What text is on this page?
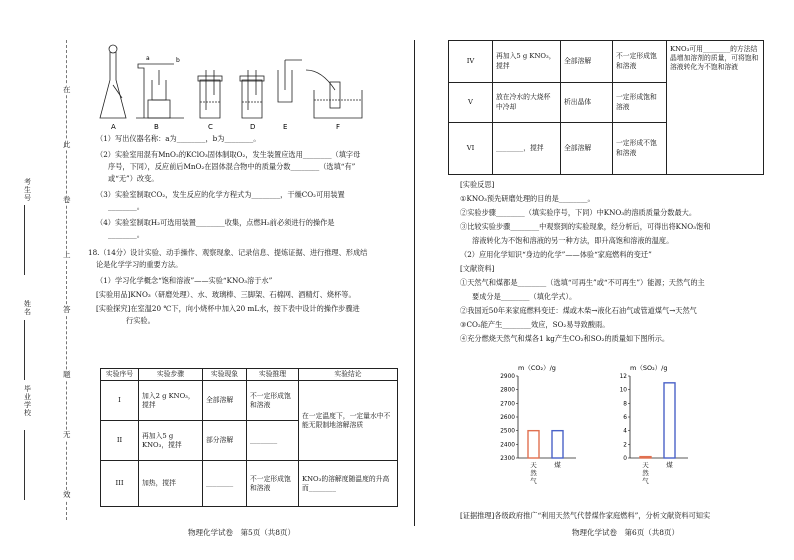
考生号
姓名
毕业学校
在
此
卷
上
答
题
无
效
A	B	C	D	E	F
a	b
（1）写出仪器名称：a为________，b为________。
（2）实验室用混有MnO₂的KClO₃固体制取O₂，发生装置应选用________（填字母
序号，下同），反应前后MnO₂在固体混合物中的质量分数________（选填“有”
或“无”）改变。
（3）实验室制取CO₂，发生反应的化学方程式为________，干燥CO₂可用装置
________。
（4）实验室制取H₂可选用装置________收集，点燃H₂前必须进行的操作是
________。
18.（14分）设计实验、动手操作、观察现象、记录信息、提炼证据、进行推理、形成结
论是化学学习的重要方法。
（1）学习化学概念“饱和溶液”——实验“KNO₃溶于水”
[实验用品]KNO₃（研磨处理）、水、玻璃棒、三脚架、石棉网、酒精灯、烧杯等。
[实验探究]在室温20 ℃下，向小烧杯中加入20 mL水，按下表中设计的操作步骤进
行实验。
实验序号	实验步骤	实验现象	实验推理	实验结论
I	加入2 g KNO₃，搅拌	全部溶解	不一定形成饱和溶液	在一定温度下，一定量水中不能无限制地溶解溶质
II	再加入5 g KNO₃，搅拌	部分溶解	________	
III	加热，搅拌	________	不一定形成饱和溶液	KNO₃的溶解度随温度的升高而________
物理化学试卷　第5页（共8页）
IV	再加入5 g KNO₃，搅拌	全部溶解	不一定形成饱和溶液	KNO₃可用________的方法结晶增加溶剂的质量，可将饱和溶液转化为不饱和溶液
V	放在冷水的大烧杯中冷却	析出晶体	一定形成饱和溶液	
VI	________，搅拌	全部溶解	一定形成不饱和溶液	
[实验反思]
①KNO₃预先研磨处理的目的是________。
②实验步骤________（填实验序号，下同）中KNO₃的溶质质量分数最大。
③比较实验步骤________中观察到的实验现象，经分析后，可得出将KNO₃饱和
溶液转化为不饱和溶液的另一种方法，即升高饱和溶液的温度。
（2）应用化学知识“身边的化学”——体验“家庭燃料的变迁”
[文献资料]
①天然气和煤都是________（选填“可再生”或“不可再生”）能源；天然气的主
要成分是________（填化学式）。
②我国近50年来家庭燃料变迁：煤或木柴→液化石油气或管道煤气→天然气
③CO₂能产生________效应，SO₂易导致酸雨。
④充分燃烧天然气和煤各1 kg产生CO₂和SO₂的质量如下图所示。
m（CO₂）/g
2300
2400
2500
2600
2700
2800
2900
天然气
煤
m（SO₂）/g
0
2
4
6
8
10
12
天然气
煤
[证据推理]各级政府推广“利用天然气代替煤作家庭燃料”，分析文献资料可知实
物理化学试卷　第6页（共8页）
